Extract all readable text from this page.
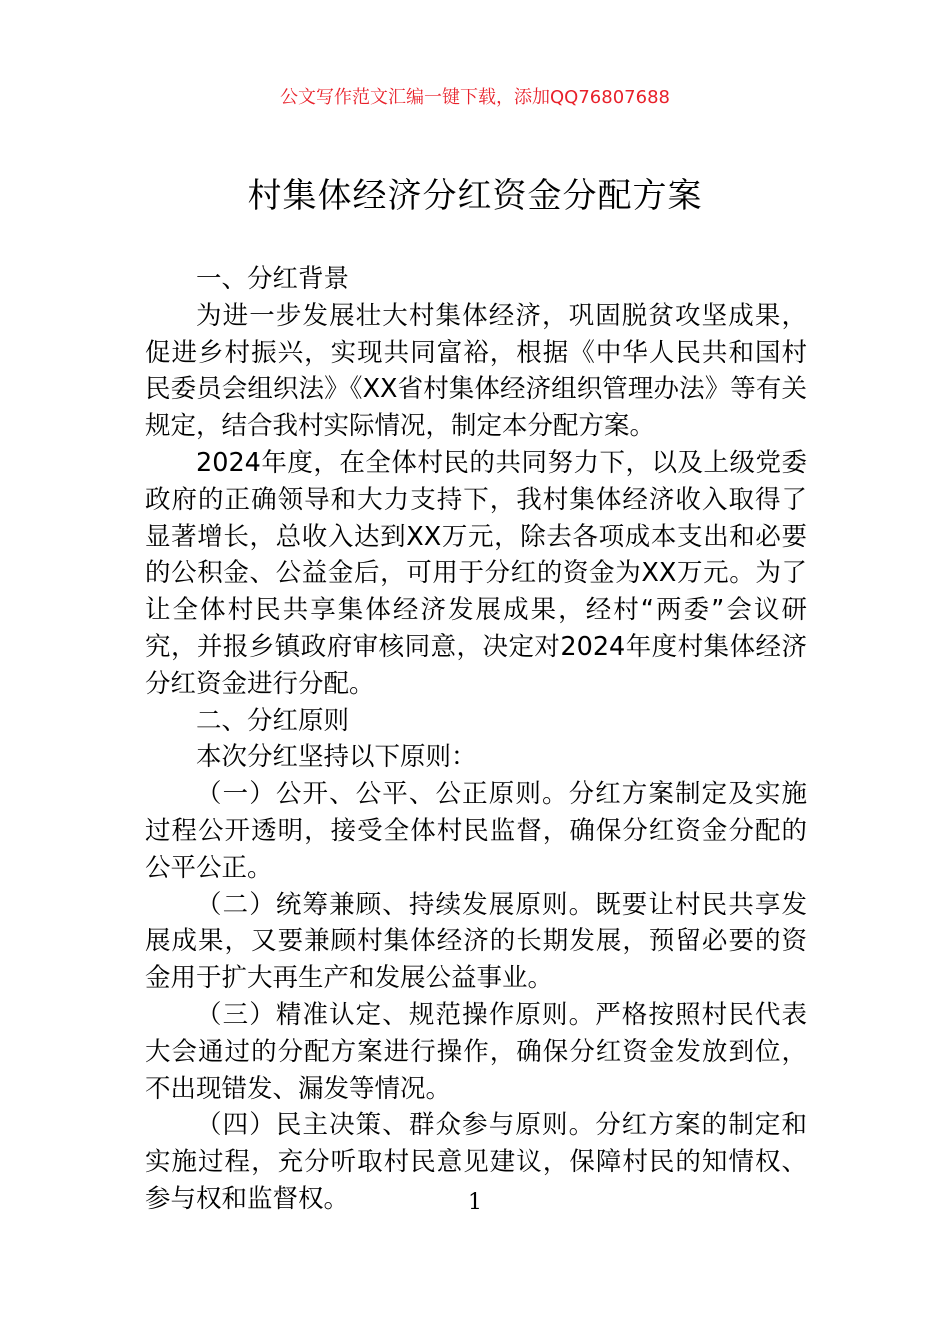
公文写作范文汇编一键下载，添加QQ76807688
村集体经济分红资金分配方案

一、分红背景

为进一步发展壮大村集体经济，巩固脱贫攻坚成果，促进乡村振兴，实现共同富裕，根据《中华人民共和国村民委员会组织法》《XX省村集体经济组织管理办法》等有关规定，结合我村实际情况，制定本分配方案。

2024年度，在全体村民的共同努力下，以及上级党委政府的正确领导和大力支持下，我村集体经济收入取得了显著增长，总收入达到XX万元，除去各项成本支出和必要的公积金、公益金后，可用于分红的资金为XX万元。为了让全体村民共享集体经济发展成果，经村“两委”会议研究，并报乡镇政府审核同意，决定对2024年度村集体经济分红资金进行分配。

二、分红原则

本次分红坚持以下原则：

（一）公开、公平、公正原则。分红方案制定及实施过程公开透明，接受全体村民监督，确保分红资金分配的公平公正。

（二）统筹兼顾、持续发展原则。既要让村民共享发展成果，又要兼顾村集体经济的长期发展，预留必要的资金用于扩大再生产和发展公益事业。

（三）精准认定、规范操作原则。严格按照村民代表大会通过的分配方案进行操作，确保分红资金发放到位，不出现错发、漏发等情况。

（四）民主决策、群众参与原则。分红方案的制定和实施过程，充分听取村民意见建议，保障村民的知情权、参与权和监督权。	1
